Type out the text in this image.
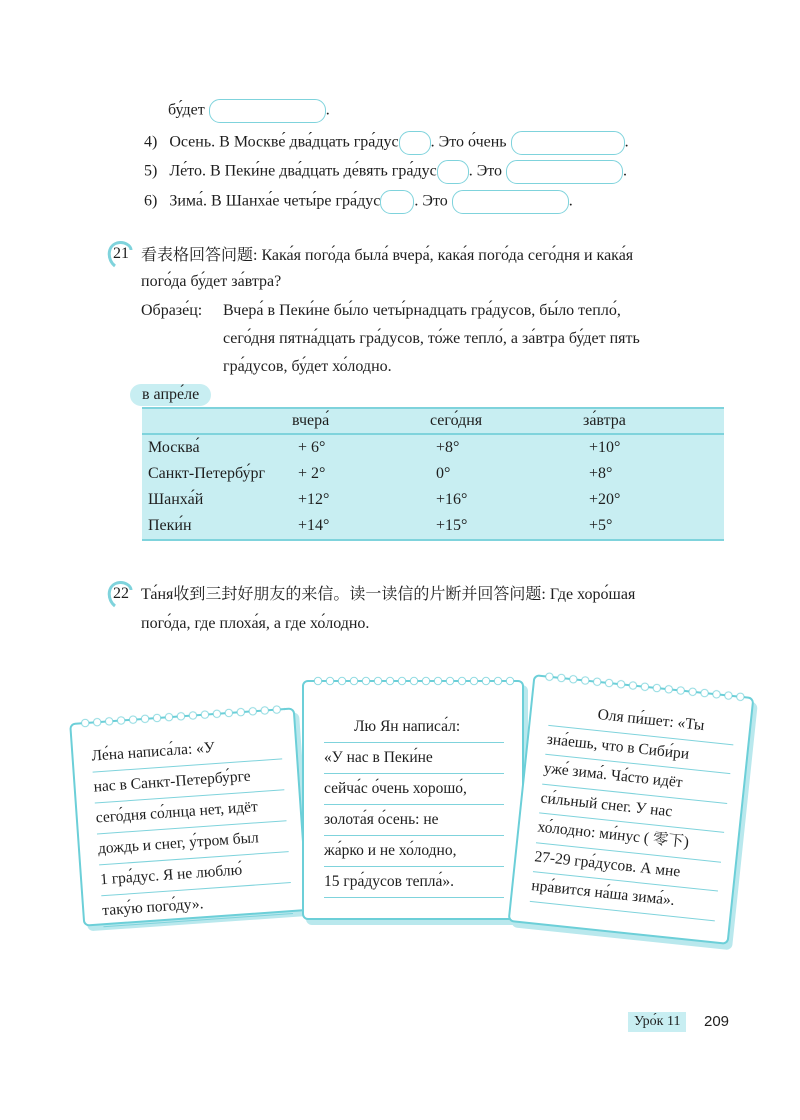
бу́дет	.
4) Осень. В Москве́ два́дцать гра́дус . Это о́чень	.
5) Ле́то. В Пеки́не два́дцать де́вять гра́дус . Это	.
6) Зима́. В Шанха́е четы́ре гра́дус . Это	.
21 看表格回答问题: Кака́я пого́да была́ вчера́, кака́я пого́да сего́дня и кака́я
пого́да бу́дет за́втра?
Образе́ц: Вчера́ в Пеки́не бы́ло четы́рнадцать гра́дусов, бы́ло тепло́,
сего́дня пятна́дцать гра́дусов, то́же тепло́, а за́втра бу́дет пять
гра́дусов, бу́дет хо́лодно.
в апре́ле
	вчера́	сего́дня	за́втра
Москва́	+ 6°	+8°	+10°
Санкт-Петербу́рг	+ 2°	0°	+8°
Шанха́й	+12°	+16°	+20°
Пеки́н	+14°	+15°	+5°
22 Та́ня收到三封好朋友的来信。读一读信的片断并回答问题: Где хоро́шая
пого́да, где плоха́я, а где хо́лодно.
Ле́на написа́ла: «У
нас в Санкт-Петербу́рге
сего́дня со́лнца нет, идёт
дождь и снег, у́тром был
1 гра́дус. Я не люблю́
таку́ю пого́ду».
Лю Ян написа́л:
«У нас в Пеки́не
сейча́с о́чень хорошо́,
золота́я о́сень: не
жа́рко и не хо́лодно,
15 гра́дусов тепла́».
Оля пи́шет: «Ты
зна́ешь, что в Сиби́ри
уже́ зима́. Ча́сто идёт
си́льный снег. У нас
хо́лодно: ми́нус ( 零下)
27-29 гра́дусов. А мне
нра́вится на́ша зима́».
Уро́к 11	209
